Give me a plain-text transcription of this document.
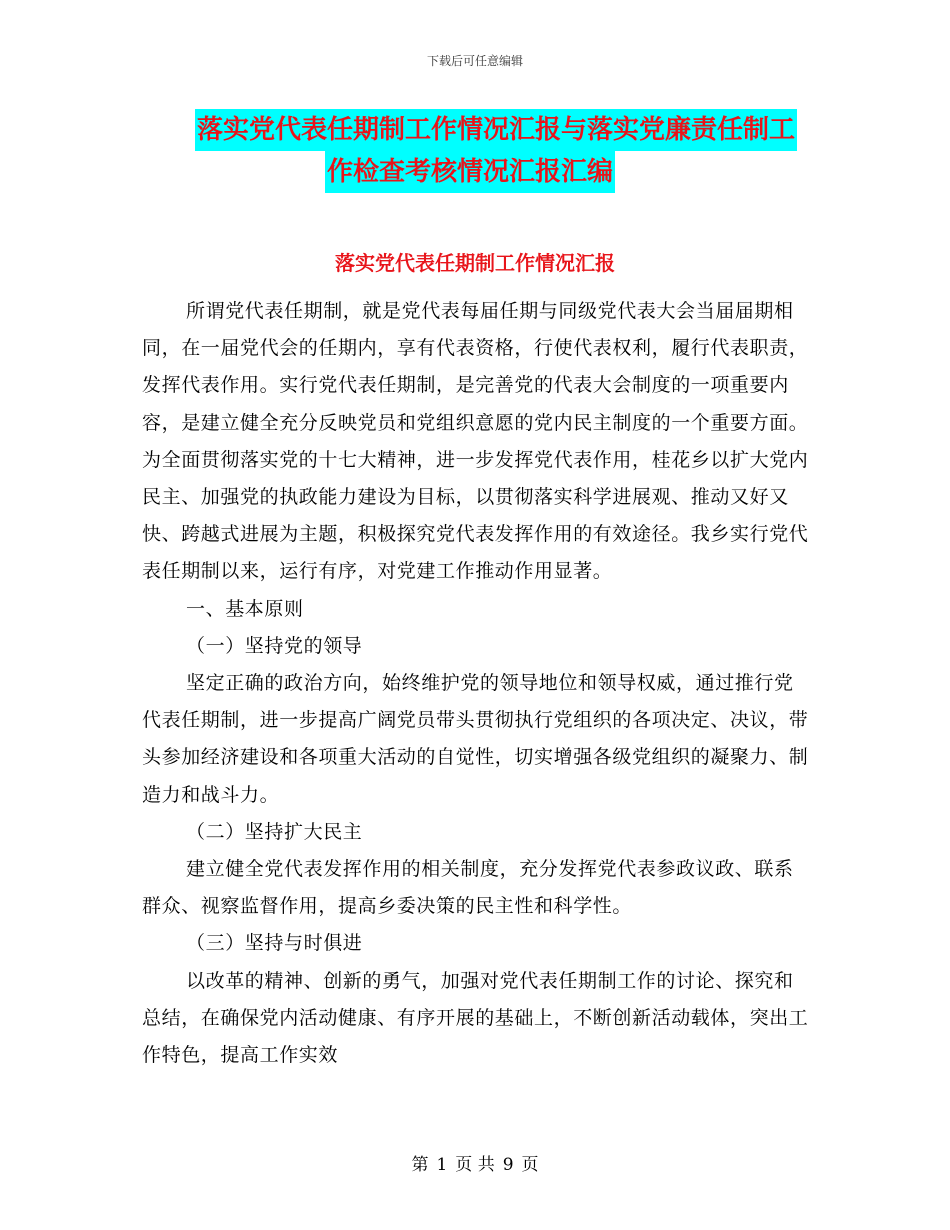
下载后可任意编辑
落实党代表任期制工作情况汇报与落实党廉责任制工
作检查考核情况汇报汇编
落实党代表任期制工作情况汇报

所谓党代表任期制，就是党代表每届任期与同级党代表大会当届届期相同，在一届党代会的任期内，享有代表资格，行使代表权利，履行代表职责，发挥代表作用。实行党代表任期制，是完善党的代表大会制度的一项重要内容，是建立健全充分反映党员和党组织意愿的党内民主制度的一个重要方面。为全面贯彻落实党的十七大精神，进一步发挥党代表作用，桂花乡以扩大党内民主、加强党的执政能力建设为目标，以贯彻落实科学进展观、推动又好又快、跨越式进展为主题，积极探究党代表发挥作用的有效途径。我乡实行党代表任期制以来，运行有序，对党建工作推动作用显著。

一、基本原则

（一）坚持党的领导

坚定正确的政治方向，始终维护党的领导地位和领导权威，通过推行党代表任期制，进一步提高广阔党员带头贯彻执行党组织的各项决定、决议，带头参加经济建设和各项重大活动的自觉性，切实增强各级党组织的凝聚力、制造力和战斗力。

（二）坚持扩大民主

建立健全党代表发挥作用的相关制度，充分发挥党代表参政议政、联系群众、视察监督作用，提高乡委决策的民主性和科学性。

（三）坚持与时俱进

以改革的精神、创新的勇气，加强对党代表任期制工作的讨论、探究和总结，在确保党内活动健康、有序开展的基础上，不断创新活动载体，突出工作特色，提高工作实效

第 1 页 共 9 页
